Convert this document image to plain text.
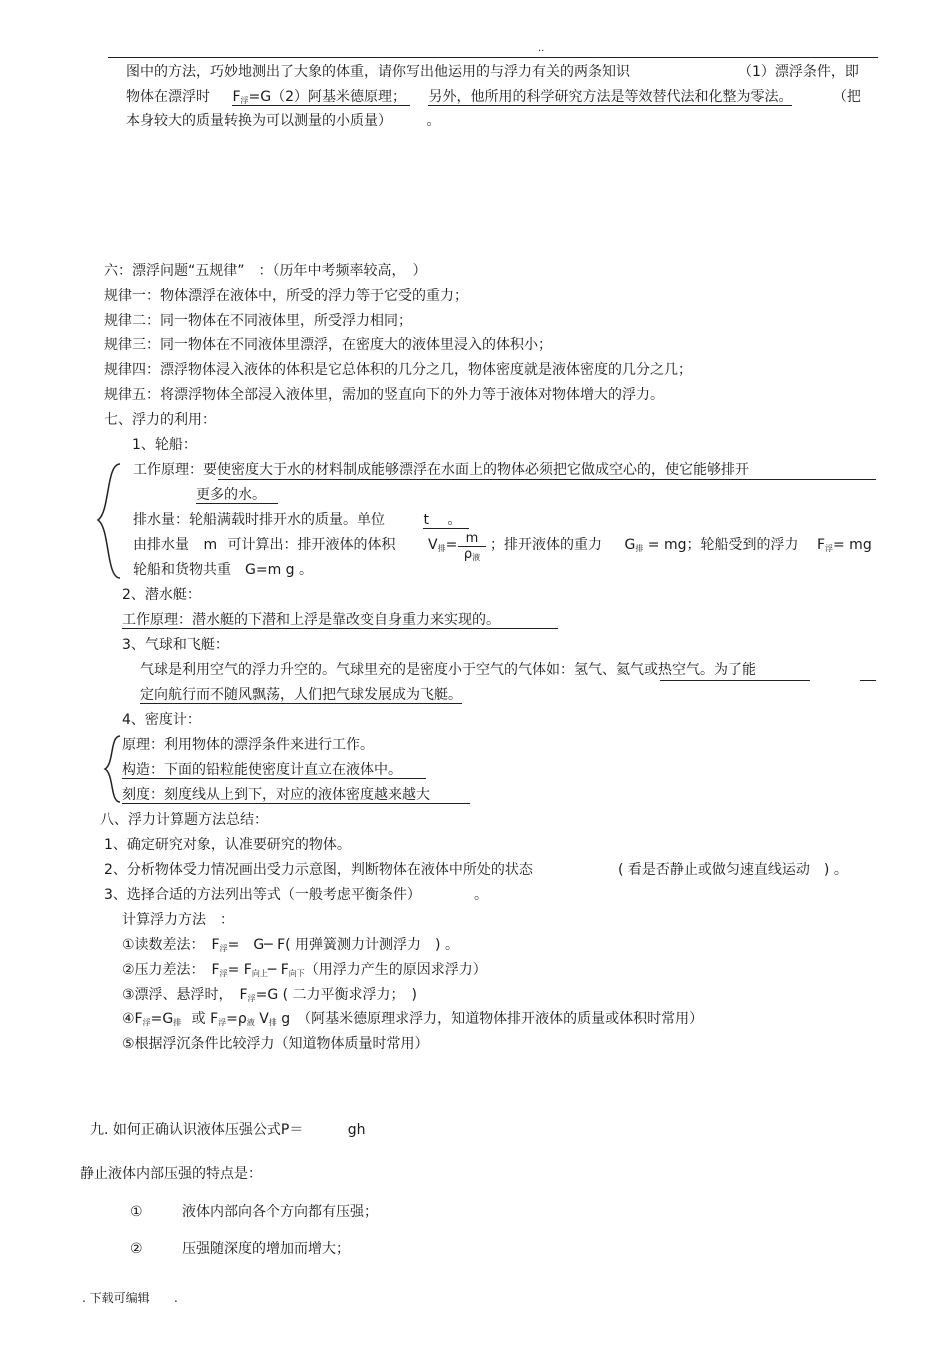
..
图中的方法，巧妙地测出了大象的体重，请你写出他运用的与浮力有关的两条知识	（1）漂浮条件，即
物体在漂浮时 $F_浮=G(2)$阿基米德原理； 另外，他所用的科学研究方法是等效替代法和化整为零法。	（把
本身较大的质量转换为可以测量的小质量） 。
六：漂浮问题“五规律”　：（历年中考频率较高，　）
规律一：物体漂浮在液体中，所受的浮力等于它受的重力；
规律二：同一物体在不同液体里，所受浮力相同；
规律三：同一物体在不同液体里漂浮，在密度大的液体里浸入的体积小；
规律四：漂浮物体浸入液体的体积是它总体积的几分之几，物体密度就是液体密度的几分之几；
规律五：将漂浮物体全部浸入液体里，需加的竖直向下的外力等于液体对物体增大的浮力。
七、浮力的利用：
1、轮船：
工作原理：要使密度大于水的材料制成能够漂浮在水面上的物体必须把它做成空心的，使它能够排开
更多的水。
排水量：轮船满载时排开水的质量。单位	t 。
由排水量 m 可计算出：排开液体的体积 $V_排= m$
$\rho_液$
；排开液体的重力 $G_排$ = mg；轮船受到的浮力 $F_浮=$ mg
轮船和货物共重　G=m g 。
2、潜水艇：
工作原理：潜水艇的下潜和上浮是靠改变自身重力来实现的。
3、气球和飞艇：
气球是利用空气的浮力升空的。气球里充的是密度小于空气的气体如：氢气、氦气或热空气。为了能
定向航行而不随风飘荡，人们把气球发展成为飞艇。
4、密度计：
原理：利用物体的漂浮条件来进行工作。
构造：下面的铅粒能使密度计直立在液体中。
刻度：刻度线从上到下，对应的液体密度越来越大
八、浮力计算题方法总结：
1、确定研究对象，认准要研究的物体。
2、分析物体受力情况画出受力示意图，判断物体在液体中所处的状态	( 看是否静止或做匀速直线运动　) 。
3、选择合适的方法列出等式（一般考虑平衡条件）	。
计算浮力方法　：
①读数差法：　$F_浮=$　G─ F( 用弹簧测力计测浮力　) 。
②压力差法：　$F_浮=$ $F_{向上}─$ $F_{向下}$（用浮力产生的原因求浮力）
③漂浮、悬浮时，　$F_浮=G$ ( 二力平衡求浮力；　)
$④F_浮=G_排$ 或 $F_浮=\rho_液$ $V_排$ g　（阿基米德原理求浮力，知道物体排开液体的质量或体积时常用）
⑤根据浮沉条件比较浮力（知道物体质量时常用）
九. 如何正确认识液体压强公式P＝	gh
静止液体内部压强的特点是：
①	液体内部向各个方向都有压强；
②	压强随深度的增加而增大；
. 下载可编辑 .
